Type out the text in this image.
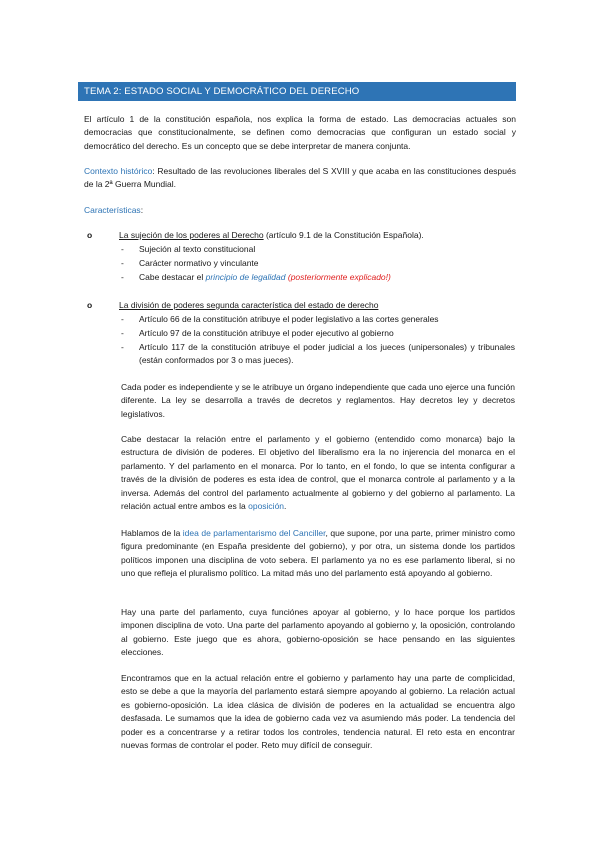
TEMA 2: ESTADO SOCIAL Y DEMOCRÁTICO DEL DERECHO
El artículo 1 de la constitución española, nos explica la forma de estado. Las democracias actuales son democracias que constitucionalmente, se definen como democracias que configuran un estado social y democrático del derecho. Es un concepto que se debe interpretar de manera conjunta.
Contexto histórico: Resultado de las revoluciones liberales del S XVIII y que acaba en las constituciones después de la 2ª Guerra Mundial.
Características:
o	La sujeción de los poderes al Derecho (artículo 9.1 de la Constitución Española).
-	Sujeción al texto constitucional
-	Carácter normativo y vinculante
-	Cabe destacar el principio de legalidad (posteriormente explicado!)
o	La división de poderes segunda característica del estado de derecho
-	Artículo 66 de la constitución atribuye el poder legislativo a las cortes generales
-	Artículo 97 de la constitución atribuye el poder ejecutivo al gobierno
-	Artículo 117 de la constitución atribuye el poder judicial a los jueces (unipersonales) y tribunales (están conformados por 3 o mas jueces).
Cada poder es independiente y se le atribuye un órgano independiente que cada uno ejerce una función diferente. La ley se desarrolla a través de decretos y reglamentos. Hay decretos ley y decretos legislativos.
Cabe destacar la relación entre el parlamento y el gobierno (entendido como monarca) bajo la estructura de división de poderes. El objetivo del liberalismo era la no injerencia del monarca en el parlamento. Y del parlamento en el monarca. Por lo tanto, en el fondo, lo que se intenta configurar a través de la división de poderes es esta idea de control, que el monarca controle al parlamento y a la inversa. Además del control del parlamento actualmente al gobierno y del gobierno al parlamento. La relación actual entre ambos es la oposición.
Hablamos de la idea de parlamentarismo del Canciller, que supone, por una parte, primer ministro como figura predominante (en España presidente del gobierno), y por otra, un sistema donde los partidos políticos imponen una disciplina de voto sebera. El parlamento ya no es ese parlamento liberal, si no uno que refleja el pluralismo político. La mitad más uno del parlamento está apoyando al gobierno.
Hay una parte del parlamento, cuya funciónes apoyar al gobierno, y lo hace porque los partidos imponen disciplina de voto. Una parte del parlamento apoyando al gobierno y, la oposición, controlando al gobierno. Este juego que es ahora, gobierno-oposición se hace pensando en las siguientes elecciones.
Encontramos que en la actual relación entre el gobierno y parlamento hay una parte de complicidad, esto se debe a que la mayoría del parlamento estará siempre apoyando al gobierno. La relación actual es gobierno-oposición. La idea clásica de división de poderes en la actualidad se encuentra algo desfasada. Le sumamos que la idea de gobierno cada vez va asumiendo más poder. La tendencia del poder es a concentrarse y a retirar todos los controles, tendencia natural. El reto esta en encontrar nuevas formas de controlar el poder. Reto muy difícil de conseguir.
